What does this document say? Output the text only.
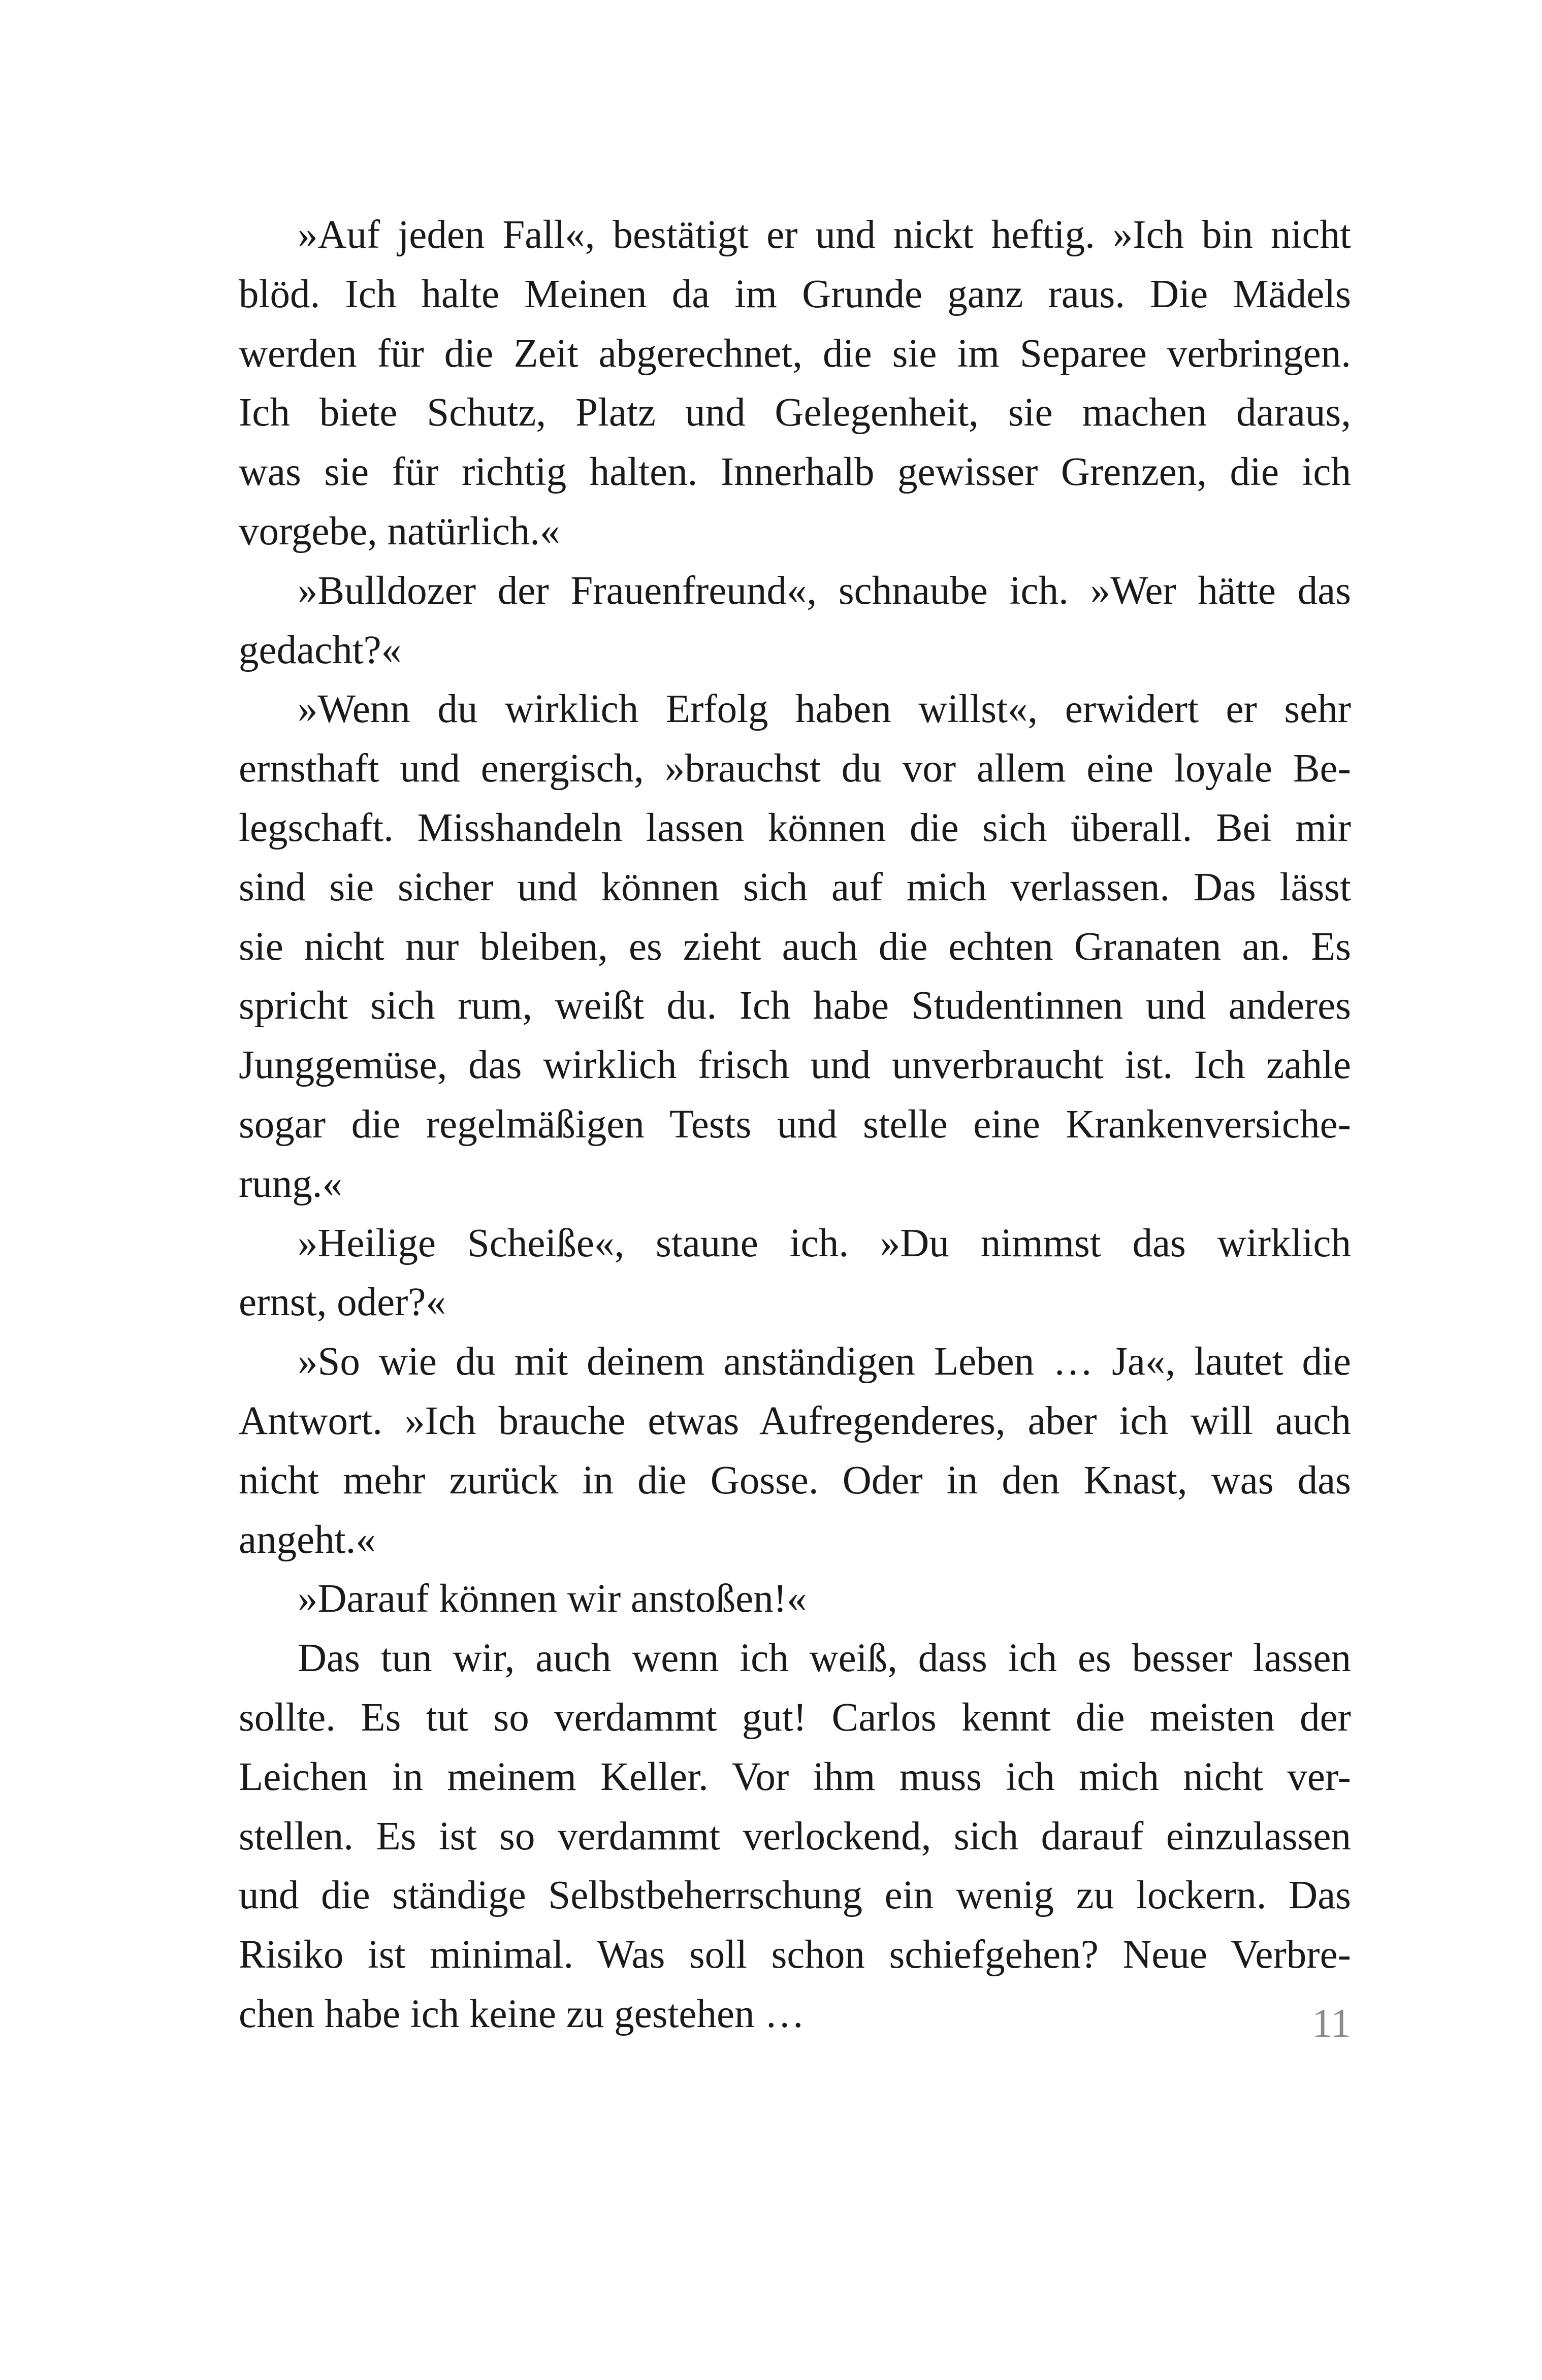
»Auf jeden Fall«, bestätigt er und nickt heftig. »Ich bin nicht
blöd. Ich halte Meinen da im Grunde ganz raus. Die Mädels
werden für die Zeit abgerechnet, die sie im Separee verbringen.
Ich biete Schutz, Platz und Gelegenheit, sie machen daraus,
was sie für richtig halten. Innerhalb gewisser Grenzen, die ich
vorgebe, natürlich.«
»Bulldozer der Frauenfreund«, schnaube ich. »Wer hätte das
gedacht?«
»Wenn du wirklich Erfolg haben willst«, erwidert er sehr
ernsthaft und energisch, »brauchst du vor allem eine loyale Be-
legschaft. Misshandeln lassen können die sich überall. Bei mir
sind sie sicher und können sich auf mich verlassen. Das lässt
sie nicht nur bleiben, es zieht auch die echten Granaten an. Es
spricht sich rum, weißt du. Ich habe Studentinnen und anderes
Junggemüse, das wirklich frisch und unverbraucht ist. Ich zahle
sogar die regelmäßigen Tests und stelle eine Krankenversiche-
rung.«
»Heilige Scheiße«, staune ich. »Du nimmst das wirklich
ernst, oder?«
»So wie du mit deinem anständigen Leben … Ja«, lautet die
Antwort. »Ich brauche etwas Aufregenderes, aber ich will auch
nicht mehr zurück in die Gosse. Oder in den Knast, was das
angeht.«
»Darauf können wir anstoßen!«
Das tun wir, auch wenn ich weiß, dass ich es besser lassen
sollte. Es tut so verdammt gut! Carlos kennt die meisten der
Leichen in meinem Keller. Vor ihm muss ich mich nicht ver-
stellen. Es ist so verdammt verlockend, sich darauf einzulassen
und die ständige Selbstbeherrschung ein wenig zu lockern. Das
Risiko ist minimal. Was soll schon schiefgehen? Neue Verbre-
chen habe ich keine zu gestehen …	11
